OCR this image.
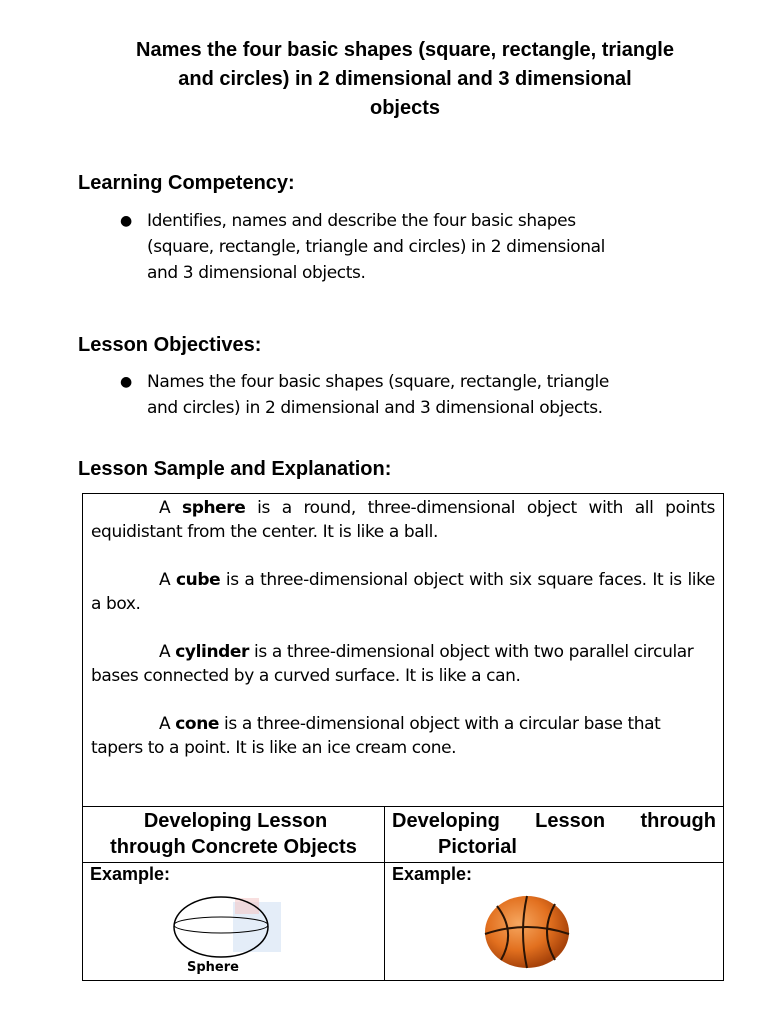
Names the four basic shapes (square, rectangle, triangle
and circles) in 2 dimensional and 3 dimensional
objects
Learning Competency:
● Identifies, names and describe the four basic shapes
(square, rectangle, triangle and circles) in 2 dimensional
and 3 dimensional objects.
Lesson Objectives:
● Names the four basic shapes (square, rectangle, triangle
and circles) in 2 dimensional and 3 dimensional objects.
Lesson Sample and Explanation:

A sphere is a round, three-dimensional object with all points equidistant from the center. It is like a ball.

A cube is a three-dimensional object with six square faces. It is like a box.

A cylinder is a three-dimensional object with two parallel circular bases connected by a curved surface. It is like a can.

A cone is a three-dimensional object with a circular base that tapers to a point. It is like an ice cream cone.

Developing Lesson
through Concrete Objects
Developing Lesson through
Pictorial
Example:	Example:
Sphere
